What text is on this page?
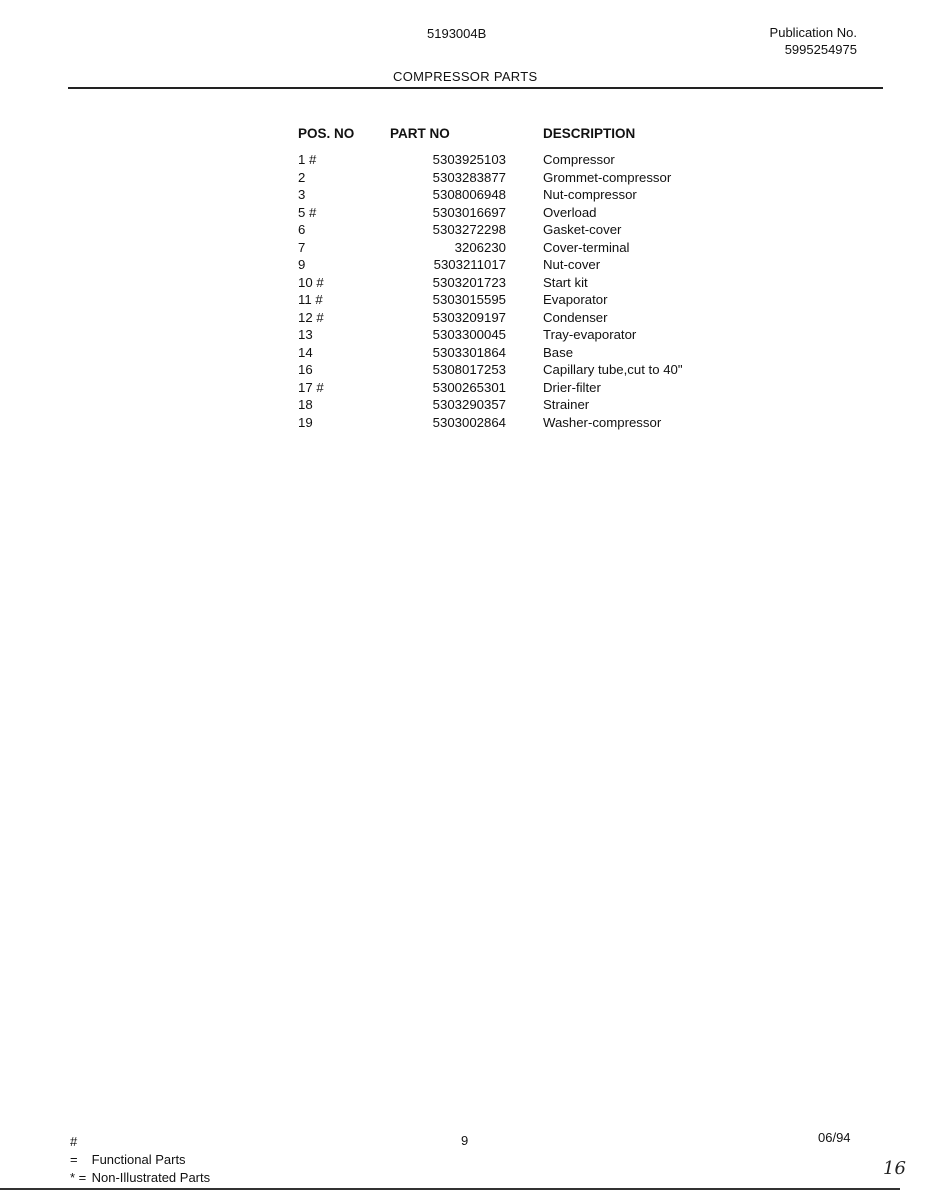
5193004B	Publication No.
5995254975
COMPRESSOR PARTS
POS. NO	PART NO	DESCRIPTION
1 #	5303925103	Compressor
2	5303283877	Grommet-compressor
3	5308006948	Nut-compressor
5 #	5303016697	Overload
6	5303272298	Gasket-cover
7	3206230	Cover-terminal
9	5303211017	Nut-cover
10 #	5303201723	Start kit
11 #	5303015595	Evaporator
12 #	5303209197	Condenser
13	5303300045	Tray-evaporator
14	5303301864	Base
16	5308017253	Capillary tube,cut to 40"
17 #	5300265301	Drier-filter
18	5303290357	Strainer
19	5303002864	Washer-compressor
# = Functional Parts
* = Non-Illustrated Parts
9	06/94
16
